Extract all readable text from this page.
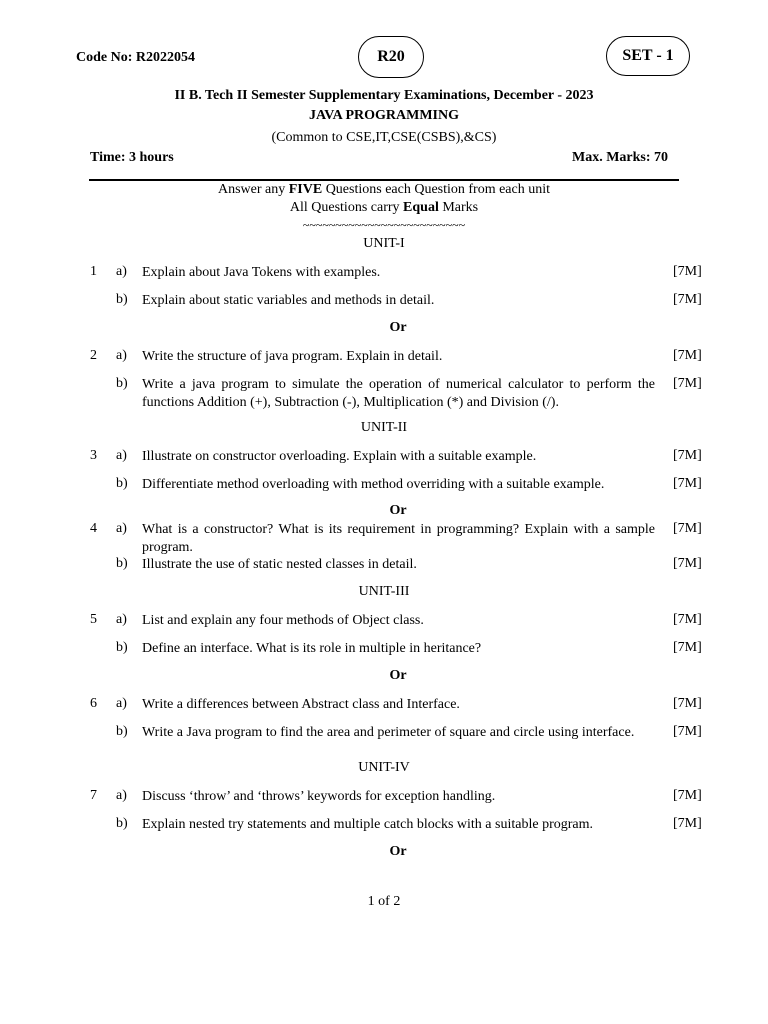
Code No: R2022054	R20	SET - 1
II B. Tech II Semester Supplementary Examinations, December - 2023
JAVA PROGRAMMING
(Common to CSE,IT,CSE(CSBS),&CS)
Time: 3 hours	Max. Marks: 70
Answer any FIVE Questions each Question from each unit
All Questions carry Equal Marks
~~~~~~~~~~~~~~~~~~~~~~~~~
UNIT-I
1 a) Explain about Java Tokens with examples.	[7M]
b) Explain about static variables and methods in detail.	[7M]
Or
2 a) Write the structure of java program. Explain in detail.	[7M]
b) Write a java program to simulate the operation of numerical calculator to perform the functions Addition (+), Subtraction (-), Multiplication (*) and Division (/).
[7M]
UNIT-II
3 a) Illustrate on constructor overloading. Explain with a suitable example.	[7M]
b) Differentiate method overloading with method overriding with a suitable example.	[7M]
Or
4 a) What is a constructor? What is its requirement in programming? Explain with a sample program.
[7M]
b) Illustrate the use of static nested classes in detail.	[7M]
UNIT-III
5 a) List and explain any four methods of Object class.	[7M]
b) Define an interface. What is its role in multiple in heritance?	[7M]
Or
6 a) Write a differences between Abstract class and Interface.	[7M]
b) Write a Java program to find the area and perimeter of square and circle using interface.	[7M]
UNIT-IV
7 a) Discuss ‘throw’ and ‘throws’ keywords for exception handling.	[7M]
b) Explain nested try statements and multiple catch blocks with a suitable program.	[7M]
Or
1 of 2
